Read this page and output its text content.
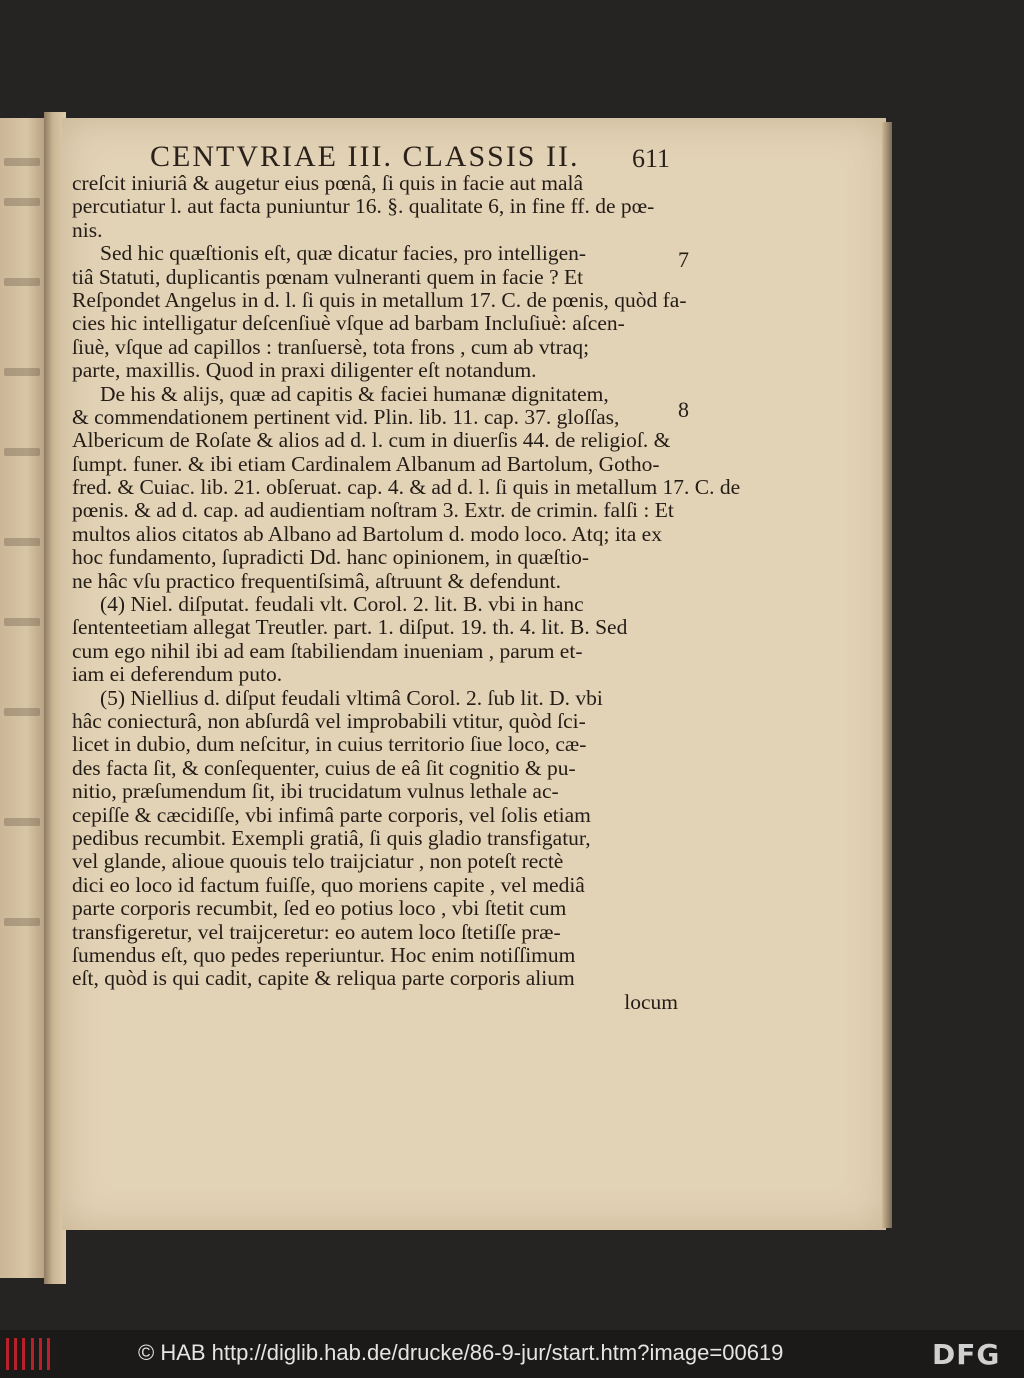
CENTVRIAE III. CLASSIS II.	611
7
8
creſcit iniuriâ & augetur eius pœnâ, ſi quis in facie aut malâ
percutiatur l. aut facta puniuntur 16. §. qualitate 6, in fine ff. de pœ-
nis.
Sed hic quæſtionis eſt, quæ dicatur facies, pro intelligen-
tiâ Statuti, duplicantis pœnam vulneranti quem in facie ? Et
Reſpondet Angelus in d. l. ſi quis in metallum 17. C. de pœnis, quòd fa-
cies hic intelligatur deſcenſiuè vſque ad barbam Incluſiuè: aſcen-
ſiuè, vſque ad capillos : tranſuersè, tota frons , cum ab vtraq;
parte, maxillis. Quod in praxi diligenter eſt notandum.
De his & alijs, quæ ad capitis & faciei humanæ dignitatem,
& commendationem pertinent vid. Plin. lib. 11. cap. 37. gloſſas,
Albericum de Roſate & alios ad d. l. cum in diuerſis 44. de religioſ. &
ſumpt. funer. & ibi etiam Cardinalem Albanum ad Bartolum, Gotho-
fred. & Cuiac. lib. 21. obſeruat. cap. 4. & ad d. l. ſi quis in metallum 17. C. de
pœnis. & ad d. cap. ad audientiam noſtram 3. Extr. de crimin. falſi : Et
multos alios citatos ab Albano ad Bartolum d. modo loco. Atq; ita ex
hoc fundamento, ſupradicti Dd. hanc opinionem, in quæſtio-
ne hâc vſu practico frequentiſsimâ, aſtruunt & defendunt.
(4) Niel. diſputat. feudali vlt. Corol. 2. lit. B. vbi in hanc
ſententeetiam allegat Treutler. part. 1. diſput. 19. th. 4. lit. B. Sed
cum ego nihil ibi ad eam ſtabiliendam inueniam , parum et-
iam ei deferendum puto.
(5) Niellius d. diſput feudali vltimâ Corol. 2. ſub lit. D. vbi
hâc coniecturâ, non abſurdâ vel improbabili vtitur, quòd ſci-
licet in dubio, dum neſcitur, in cuius territorio ſiue loco, cæ-
des facta ſit, & conſequenter, cuius de eâ ſit cognitio & pu-
nitio, præſumendum ſit, ibi trucidatum vulnus lethale ac-
cepiſſe & cæcidiſſe, vbi infimâ parte corporis, vel ſolis etiam
pedibus recumbit. Exempli gratiâ, ſi quis gladio transfigatur,
vel glande, alioue quouis telo traijciatur , non poteſt rectè
dici eo loco id factum fuiſſe, quo moriens capite , vel mediâ
parte corporis recumbit, ſed eo potius loco , vbi ſtetit cum
transfigeretur, vel traijceretur: eo autem loco ſtetiſſe præ-
ſumendus eſt, quo pedes reperiuntur. Hoc enim notiſſimum
eſt, quòd is qui cadit, capite & reliqua parte corporis alium
locum
© HAB http://diglib.hab.de/drucke/86-9-jur/start.htm?image=00619	DFG
